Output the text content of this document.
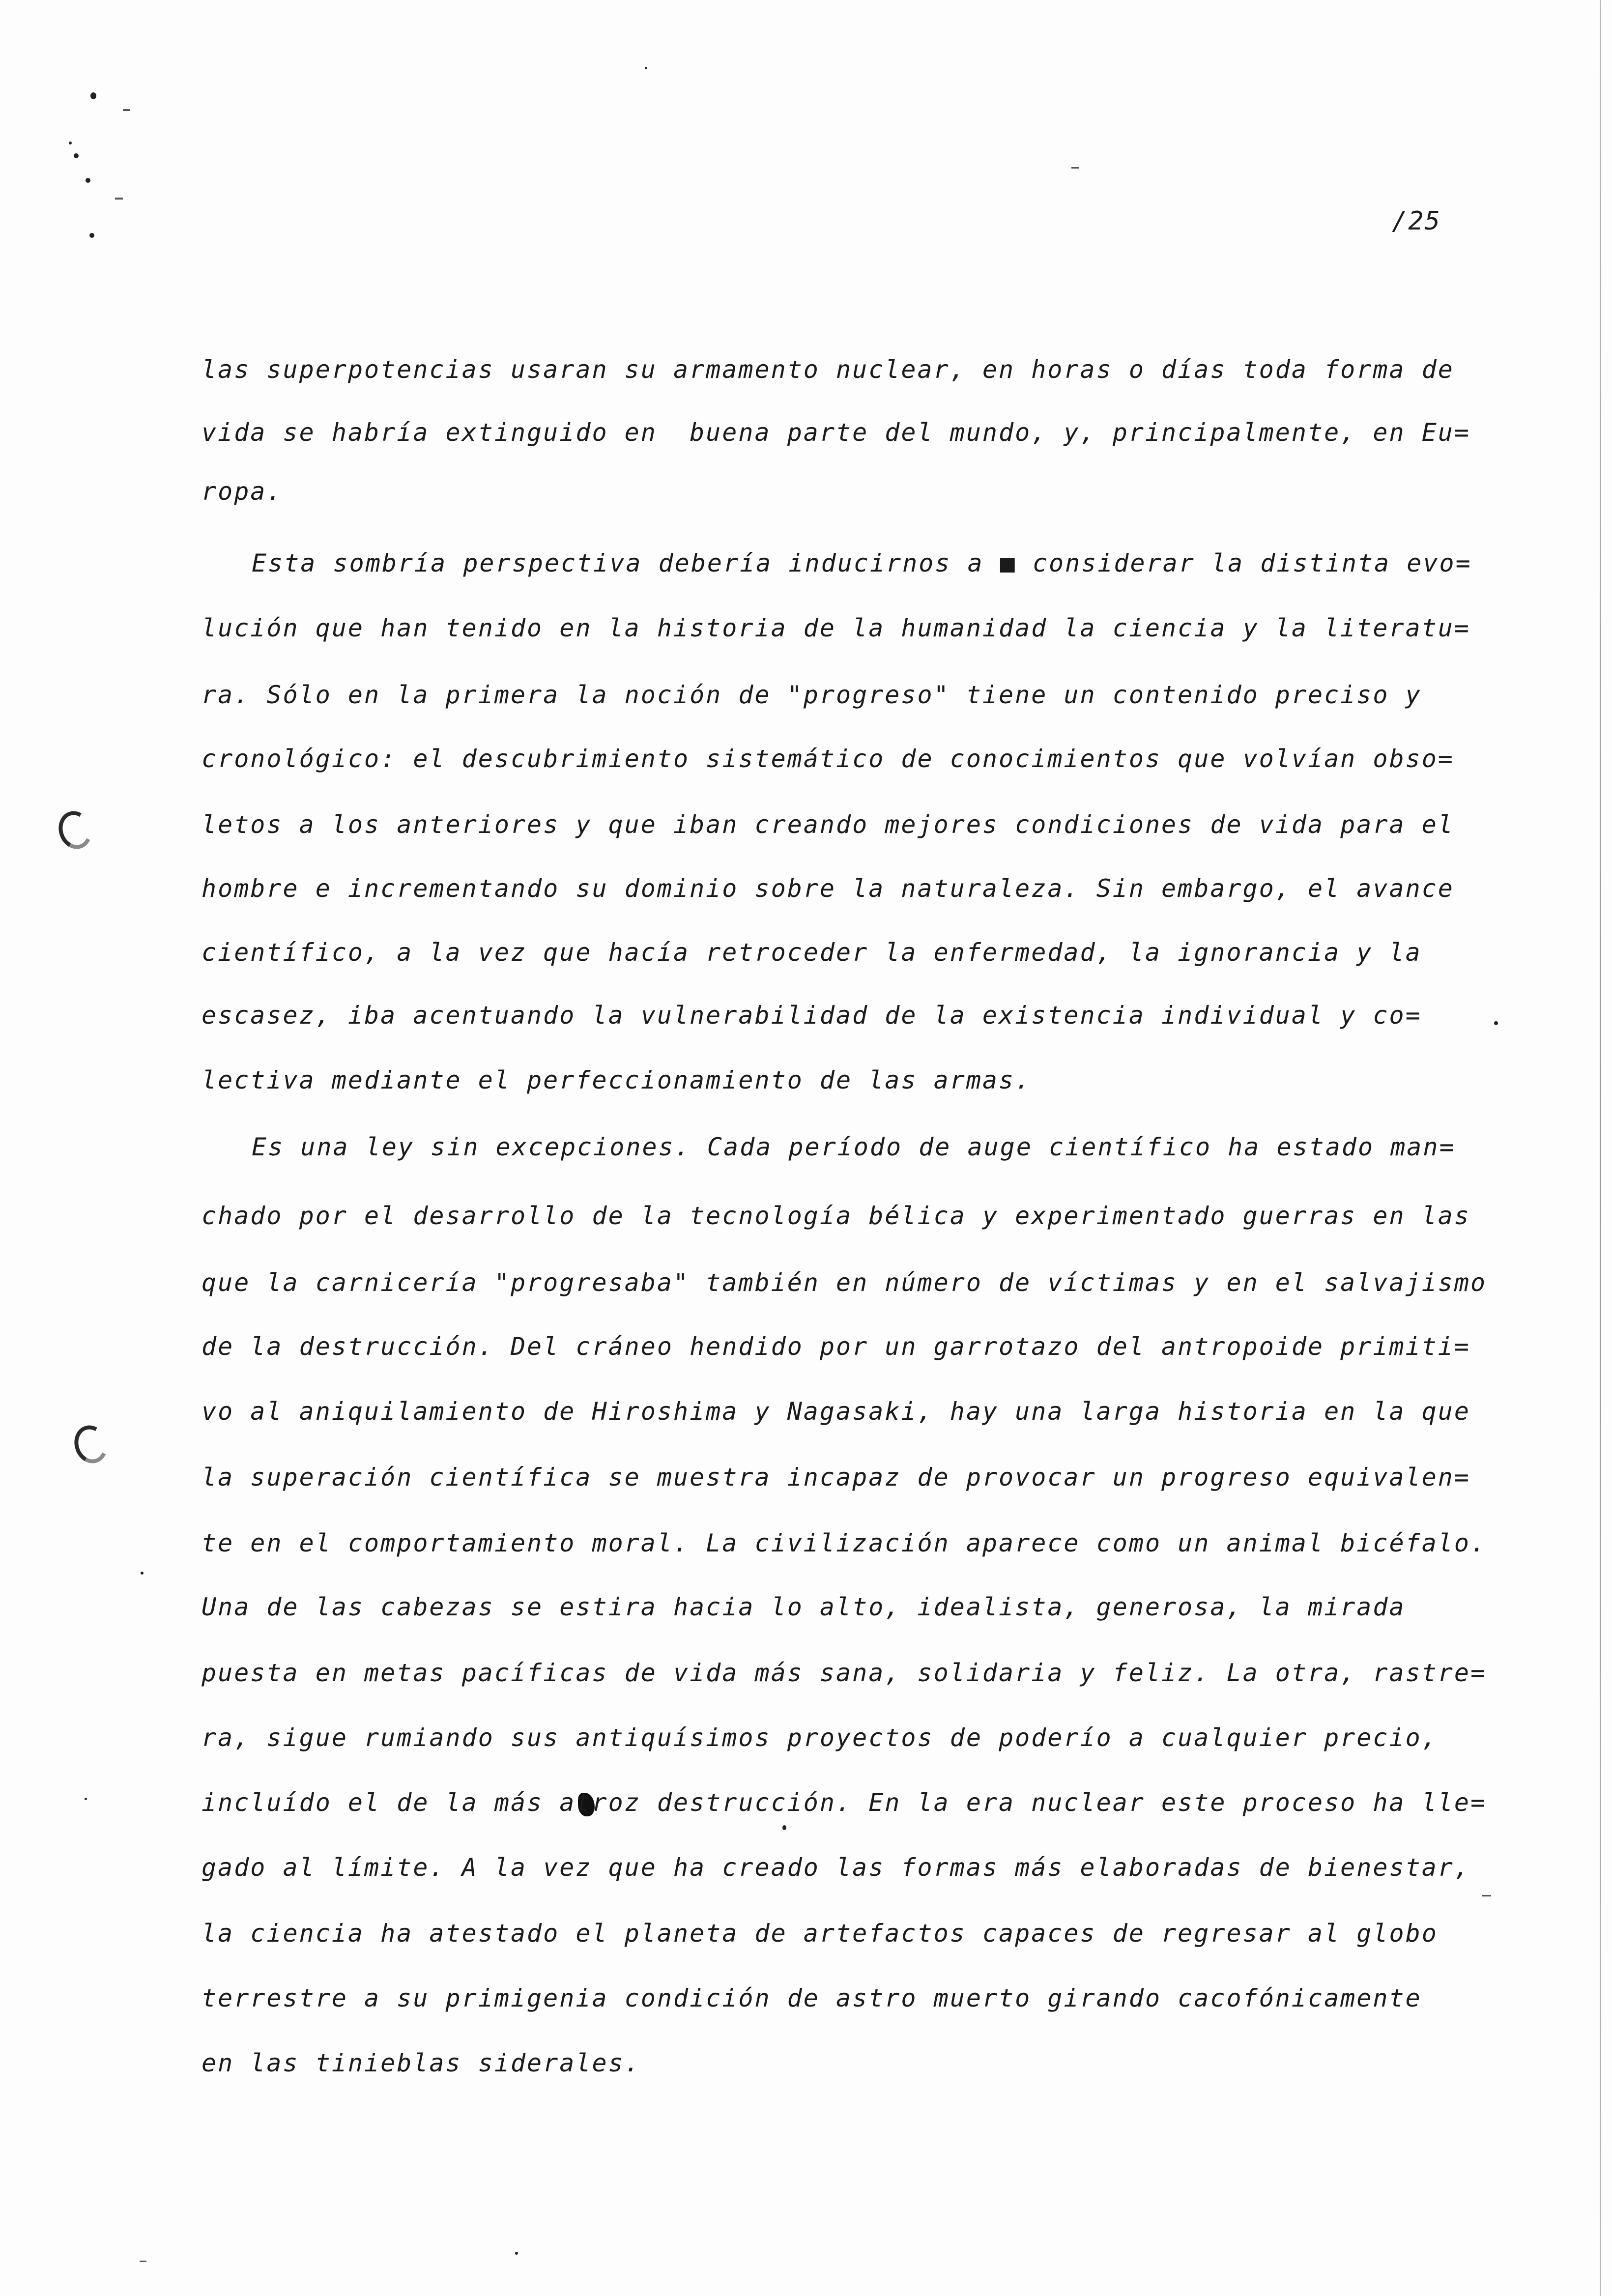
/25
las superpotencias usaran su armamento nuclear, en horas o días toda forma de
vida se habría extinguido en  buena parte del mundo, y, principalmente, en Eu=
ropa.
Esta sombría perspectiva debería inducirnos a ■ considerar la distinta evo=
lución que han tenido en la historia de la humanidad la ciencia y la literatu=
ra. Sólo en la primera la noción de "progreso" tiene un contenido preciso y
cronológico: el descubrimiento sistemático de conocimientos que volvían obso=
letos a los anteriores y que iban creando mejores condiciones de vida para el
hombre e incrementando su dominio sobre la naturaleza. Sin embargo, el avance
científico, a la vez que hacía retroceder la enfermedad, la ignorancia y la
escasez, iba acentuando la vulnerabilidad de la existencia individual y co=
lectiva mediante el perfeccionamiento de las armas.
Es una ley sin excepciones. Cada período de auge científico ha estado man=
chado por el desarrollo de la tecnología bélica y experimentado guerras en las
que la carnicería "progresaba" también en número de víctimas y en el salvajismo
de la destrucción. Del cráneo hendido por un garrotazo del antropoide primiti=
vo al aniquilamiento de Hiroshima y Nagasaki, hay una larga historia en la que
la superación científica se muestra incapaz de provocar un progreso equivalen=
te en el comportamiento moral. La civilización aparece como un animal bicéfalo.
Una de las cabezas se estira hacia lo alto, idealista, generosa, la mirada
puesta en metas pacíficas de vida más sana, solidaria y feliz. La otra, rastre=
ra, sigue rumiando sus antiquísimos proyectos de poderío a cualquier precio,
incluído el de la más atroz destrucción. En la era nuclear este proceso ha lle=
gado al límite. A la vez que ha creado las formas más elaboradas de bienestar,
la ciencia ha atestado el planeta de artefactos capaces de regresar al globo
terrestre a su primigenia condición de astro muerto girando cacofónicamente
en las tinieblas siderales.
